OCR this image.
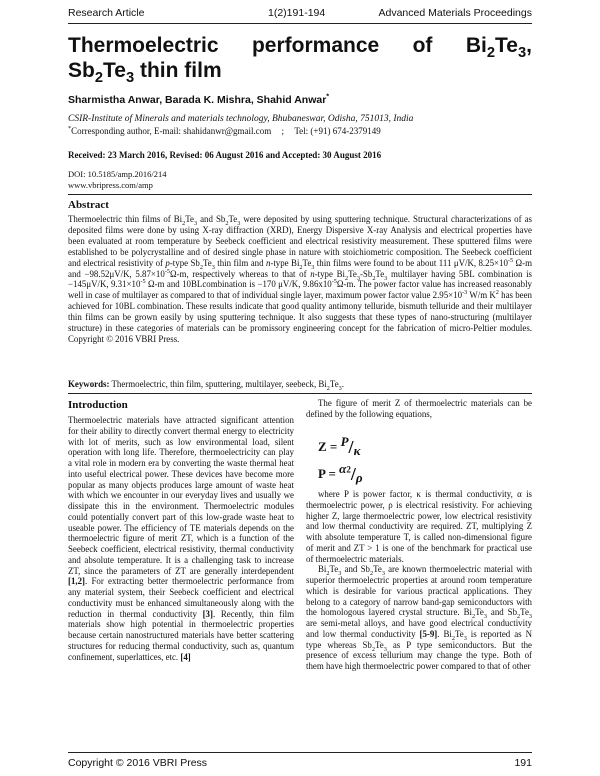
Research Article	1(2)191-194	Advanced Materials Proceedings
Thermoelectric performance of $Bi_2Te_3$,
$Sb_2Te_3$ thin film
Sharmistha Anwar, Barada K. Mishra, Shahid Anwar*
CSIR-Institute of Minerals and materials technology, Bhubaneswar, Odisha, 751013, India
*Corresponding author, E-mail: shahidanwr@gmail.com ; Tel: (+91) 674-2379149
Received: 23 March 2016, Revised: 06 August 2016 and Accepted: 30 August 2016
DOI: 10.5185/amp.2016/214
www.vbripress.com/amp
Abstract

Thermoelectric thin films of $Bi_2Te_3$ and $Sb_2Te_3$ were deposited by using sputtering technique. Structural characterizations of as deposited films were done by using X-ray diffraction (XRD), Energy Dispersive X-ray Analysis and electrical properties have been evaluated at room temperature by Seebeck coefficient and electrical resistivity measurement. These sputtered films were established to be polycrystalline and of desired single phase in nature with stoichiometric composition. The Seebeck coefficient and electrical resistivity of p-type $Sb_2Te_3$ thin film and n-type $Bi_2Te_3$ thin films were found to be about 111 μV/K, $8.25\times 10^{-5}$ Ω-m and −98.52μV/K, $5.87\times 10^{-5}\Omega-m$, respectively whereas to that of n-type $Bi_2Te_3-Sb_2Te_3$ multilayer having 5BL combination is −145μV/K, $9.31\times 10^{-5}$ Ω-m and 10BLcombination is −170 μV/K, $9.86x10^{-5}\Omega-m$. The power factor value has increased reasonably well in case of multilayer as compared to that of individual single layer, maximum power factor value $2.95\times 10^{-3}$ W/m $K^2$ has been achieved for 10BL combination. These results indicate that good quality antimony telluride, bismuth telluride and their multilayer thin films can be grown easily by using sputtering technique. It also suggests that these types of nano-structuring (multilayer structure) in these categories of materials can be promissory engineering concept for the fabrication of micro-Peltier modules. Copyright © 2016 VBRI Press.

Keywords: Thermoelectric, thin film, sputtering, multilayer, seebeck, $Bi_2Te_3$.
Introduction

Thermoelectric materials have attracted significant attention for their ability to directly convert thermal energy to electricity with lot of merits, such as low environmental load, silent operation with long life. Therefore, thermoelectricity can play a vital role in modern era by converting the waste thermal heat into useful electrical power. These devices have become more popular as many objects produces large amount of waste heat with which we encounter in our everyday lives and usually we dissipate this in the environment. Thermoelectric modules could potentially convert part of this low-grade waste heat to useable power. The efficiency of TE materials depends on the thermoelectric figure of merit ZT, which is a function of the Seebeck coefficient, electrical resistivity, thermal conductivity and absolute temperature. It is a challenging task to increase ZT, since the parameters of ZT are generally interdependent [1,2]. For extracting better thermoelectric performance from any material system, their Seebeck coefficient and electrical conductivity must be enhanced simultaneously along with the reduction in thermal conductivity [3]. Recently, thin film materials show high potential in thermoelectric properties because certain nanostructured materials have better scattering structures for reducing thermal conductivity, such as, quantum confinement, superlattices, etc. [4]

The figure of merit Z of thermoelectric materials can be defined by the following equations,

Z = P/κ
$P = \alpha^2/\rho$

where P is power factor, κ is thermal conductivity, α is thermoelectric power, ρ is electrical resistivity. For achieving higher Z, large thermoelectric power, low electrical resistivity and low thermal conductivity are required. ZT, multiplying Z with absolute temperature T, is called non-dimensional figure of merit and ZT > 1 is one of the benchmark for practical use of thermoelectric materials.
$Bi_2Te_3$ and $Sb_2Te_3$ are known thermoelectric material with superior thermoelectric properties at around room temperature which is desirable for various practical applications. They belong to a category of narrow band-gap semiconductors with the homologous layered crystal structure. $Bi_2Te_3$ and $Sb_2Te_3$ are semi-metal alloys, and have good electrical conductivity and low thermal conductivity [5-9]. $Bi_2Te_3$ is reported as N type whereas $Sb_2Te_3$ as P type semiconductors. But the presence of excess tellurium may change the type. Both of them have high thermoelectric power compared to that of other

Copyright © 2016 VBRI Press	191
